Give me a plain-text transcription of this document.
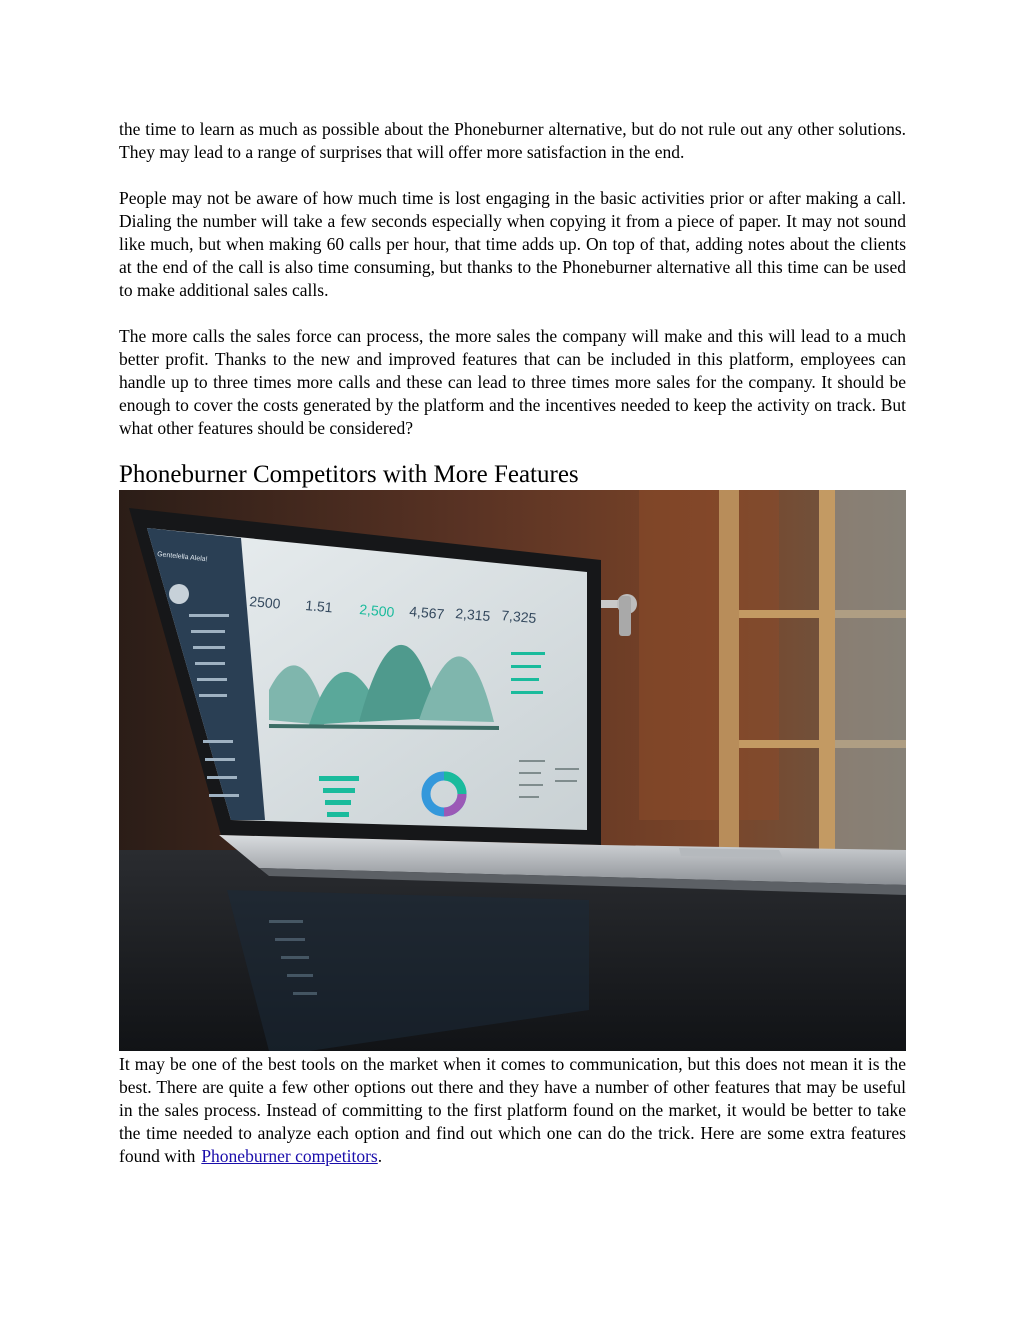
the time to learn as much as possible about the Phoneburner alternative, but do not rule out any other solutions. They may lead to a range of surprises that will offer more satisfaction in the end.

People may not be aware of how much time is lost engaging in the basic activities prior or after making a call. Dialing the number will take a few seconds especially when copying it from a piece of paper. It may not sound like much, but when making 60 calls per hour, that time adds up. On top of that, adding notes about the clients at the end of the call is also time consuming, but thanks to the Phoneburner alternative all this time can be used to make additional sales calls.

The more calls the sales force can process, the more sales the company will make and this will lead to a much better profit. Thanks to the new and improved features that can be included in this platform, employees can handle up to three times more calls and these can lead to three times more sales for the company. It should be enough to cover the costs generated by the platform and the incentives needed to keep the activity on track. But what other features should be considered?

Phoneburner Competitors with More Features
Gentelella Alela!
2500 1.51 2,500 4,567 2,315 7,325

It may be one of the best tools on the market when it comes to communication, but this does not mean it is the best. There are quite a few other options out there and they have a number of other features that may be useful in the sales process. Instead of committing to the first platform found on the market, it would be better to take the time needed to analyze each option and find out which one can do the trick. Here are some extra features found with Phoneburner competitors.
